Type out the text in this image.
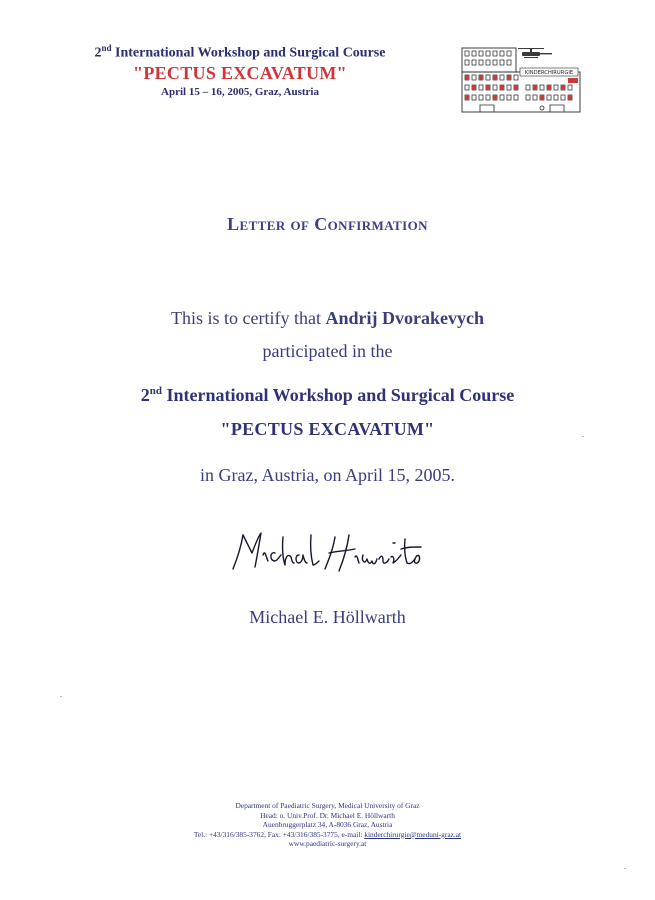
2nd International Workshop and Surgical Course
"PECTUS EXCAVATUM"
April 15 – 16, 2005, Graz, Austria
KINDERCHIRURGIE
Letter of Confirmation
This is to certify that Andrij Dvorakevych
participated in the
2nd International Workshop and Surgical Course
"PECTUS EXCAVATUM"
in Graz, Austria, on April 15, 2005.
Michael E. Höllwarth
Department of Paediatric Surgery, Medical University of Graz
Head: o. Univ.Prof. Dr. Michael E. Höllwarth
Auenbruggerplatz 34, A-8036 Graz, Austria
Tel.: +43/316/385-3762, Fax: +43/316/385-3775, e-mail: kinderchirurgie@meduni-graz.at
www.paediatric-surgery.at
